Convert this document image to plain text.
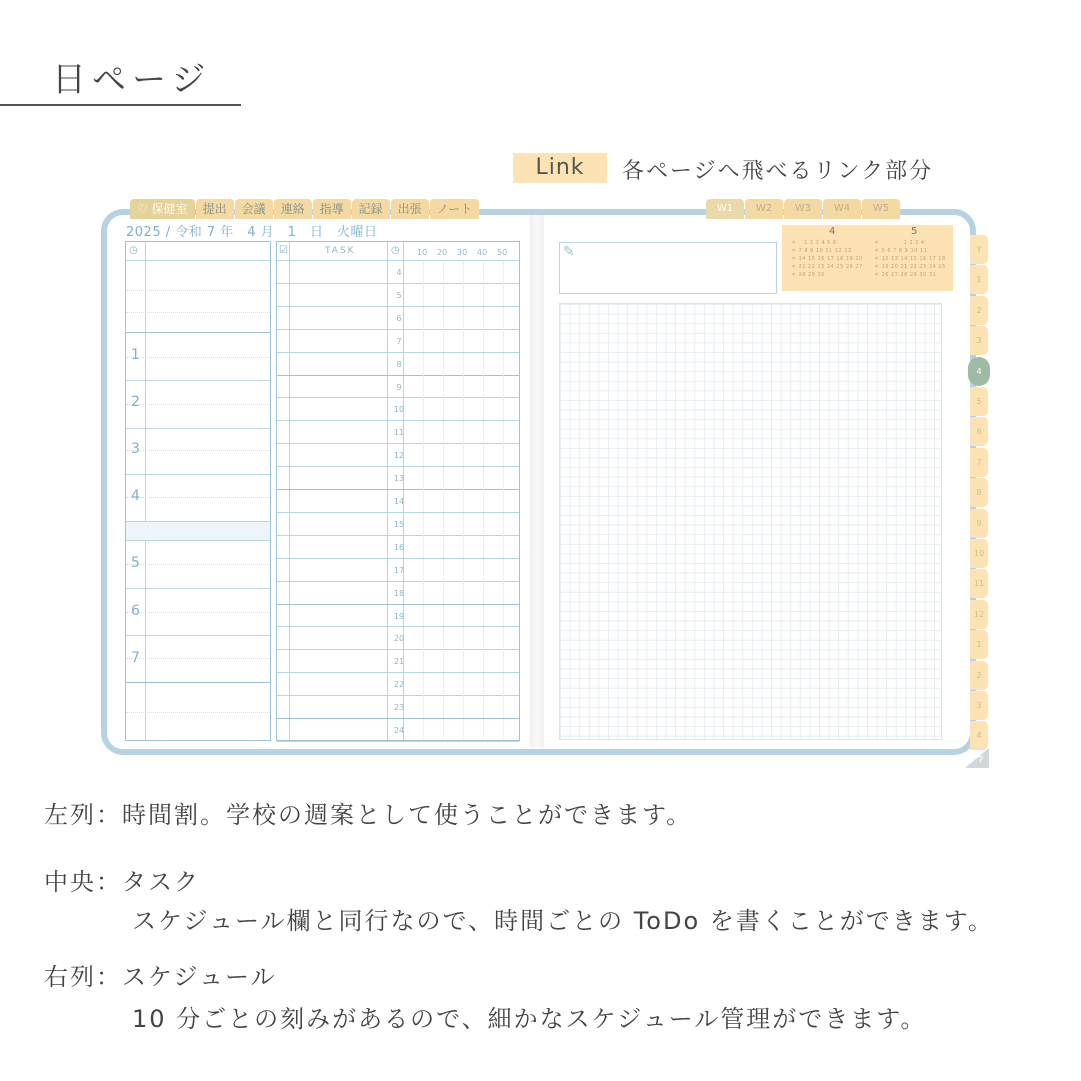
日ページ
Link	各ページへ飛べるリンク部分
♡ 保健室	提出	会議	連絡	指導	記録	出張	ノート	W1	W2	W3	W4	W5
2025 / 令和 7 年　4 月　1　日　火曜日
◷
1
2
3
4
5
6
7
☑	TASK	◷ 10 20 30 40 50
4
5
6
7
8
9
10
11
12
13
14
15
16
17
18
19
20
21
22
23
24
✎
4	5
＊ 　1 2 3 4 5 6
＊ 7 8 9 10 11 12 13
＊ 14 15 16 17 18 19 20
＊ 21 22 23 24 25 26 27
＊ 28 29 30
＊ 　　　　1 2 3 4
＊ 5 6 7 8 9 10 11
＊ 12 13 14 15 16 17 18
＊ 19 20 21 22 23 24 25
＊ 26 27 28 29 30 31
Y
1
2
3
4
5
6
7
8
9
10
11
12
1
2
3
4
?
左列：時間割。学校の週案として使うことができます。
中央：タスク
スケジュール欄と同行なので、時間ごとの ToDo を書くことができます。
右列：スケジュール
10 分ごとの刻みがあるので、細かなスケジュール管理ができます。
